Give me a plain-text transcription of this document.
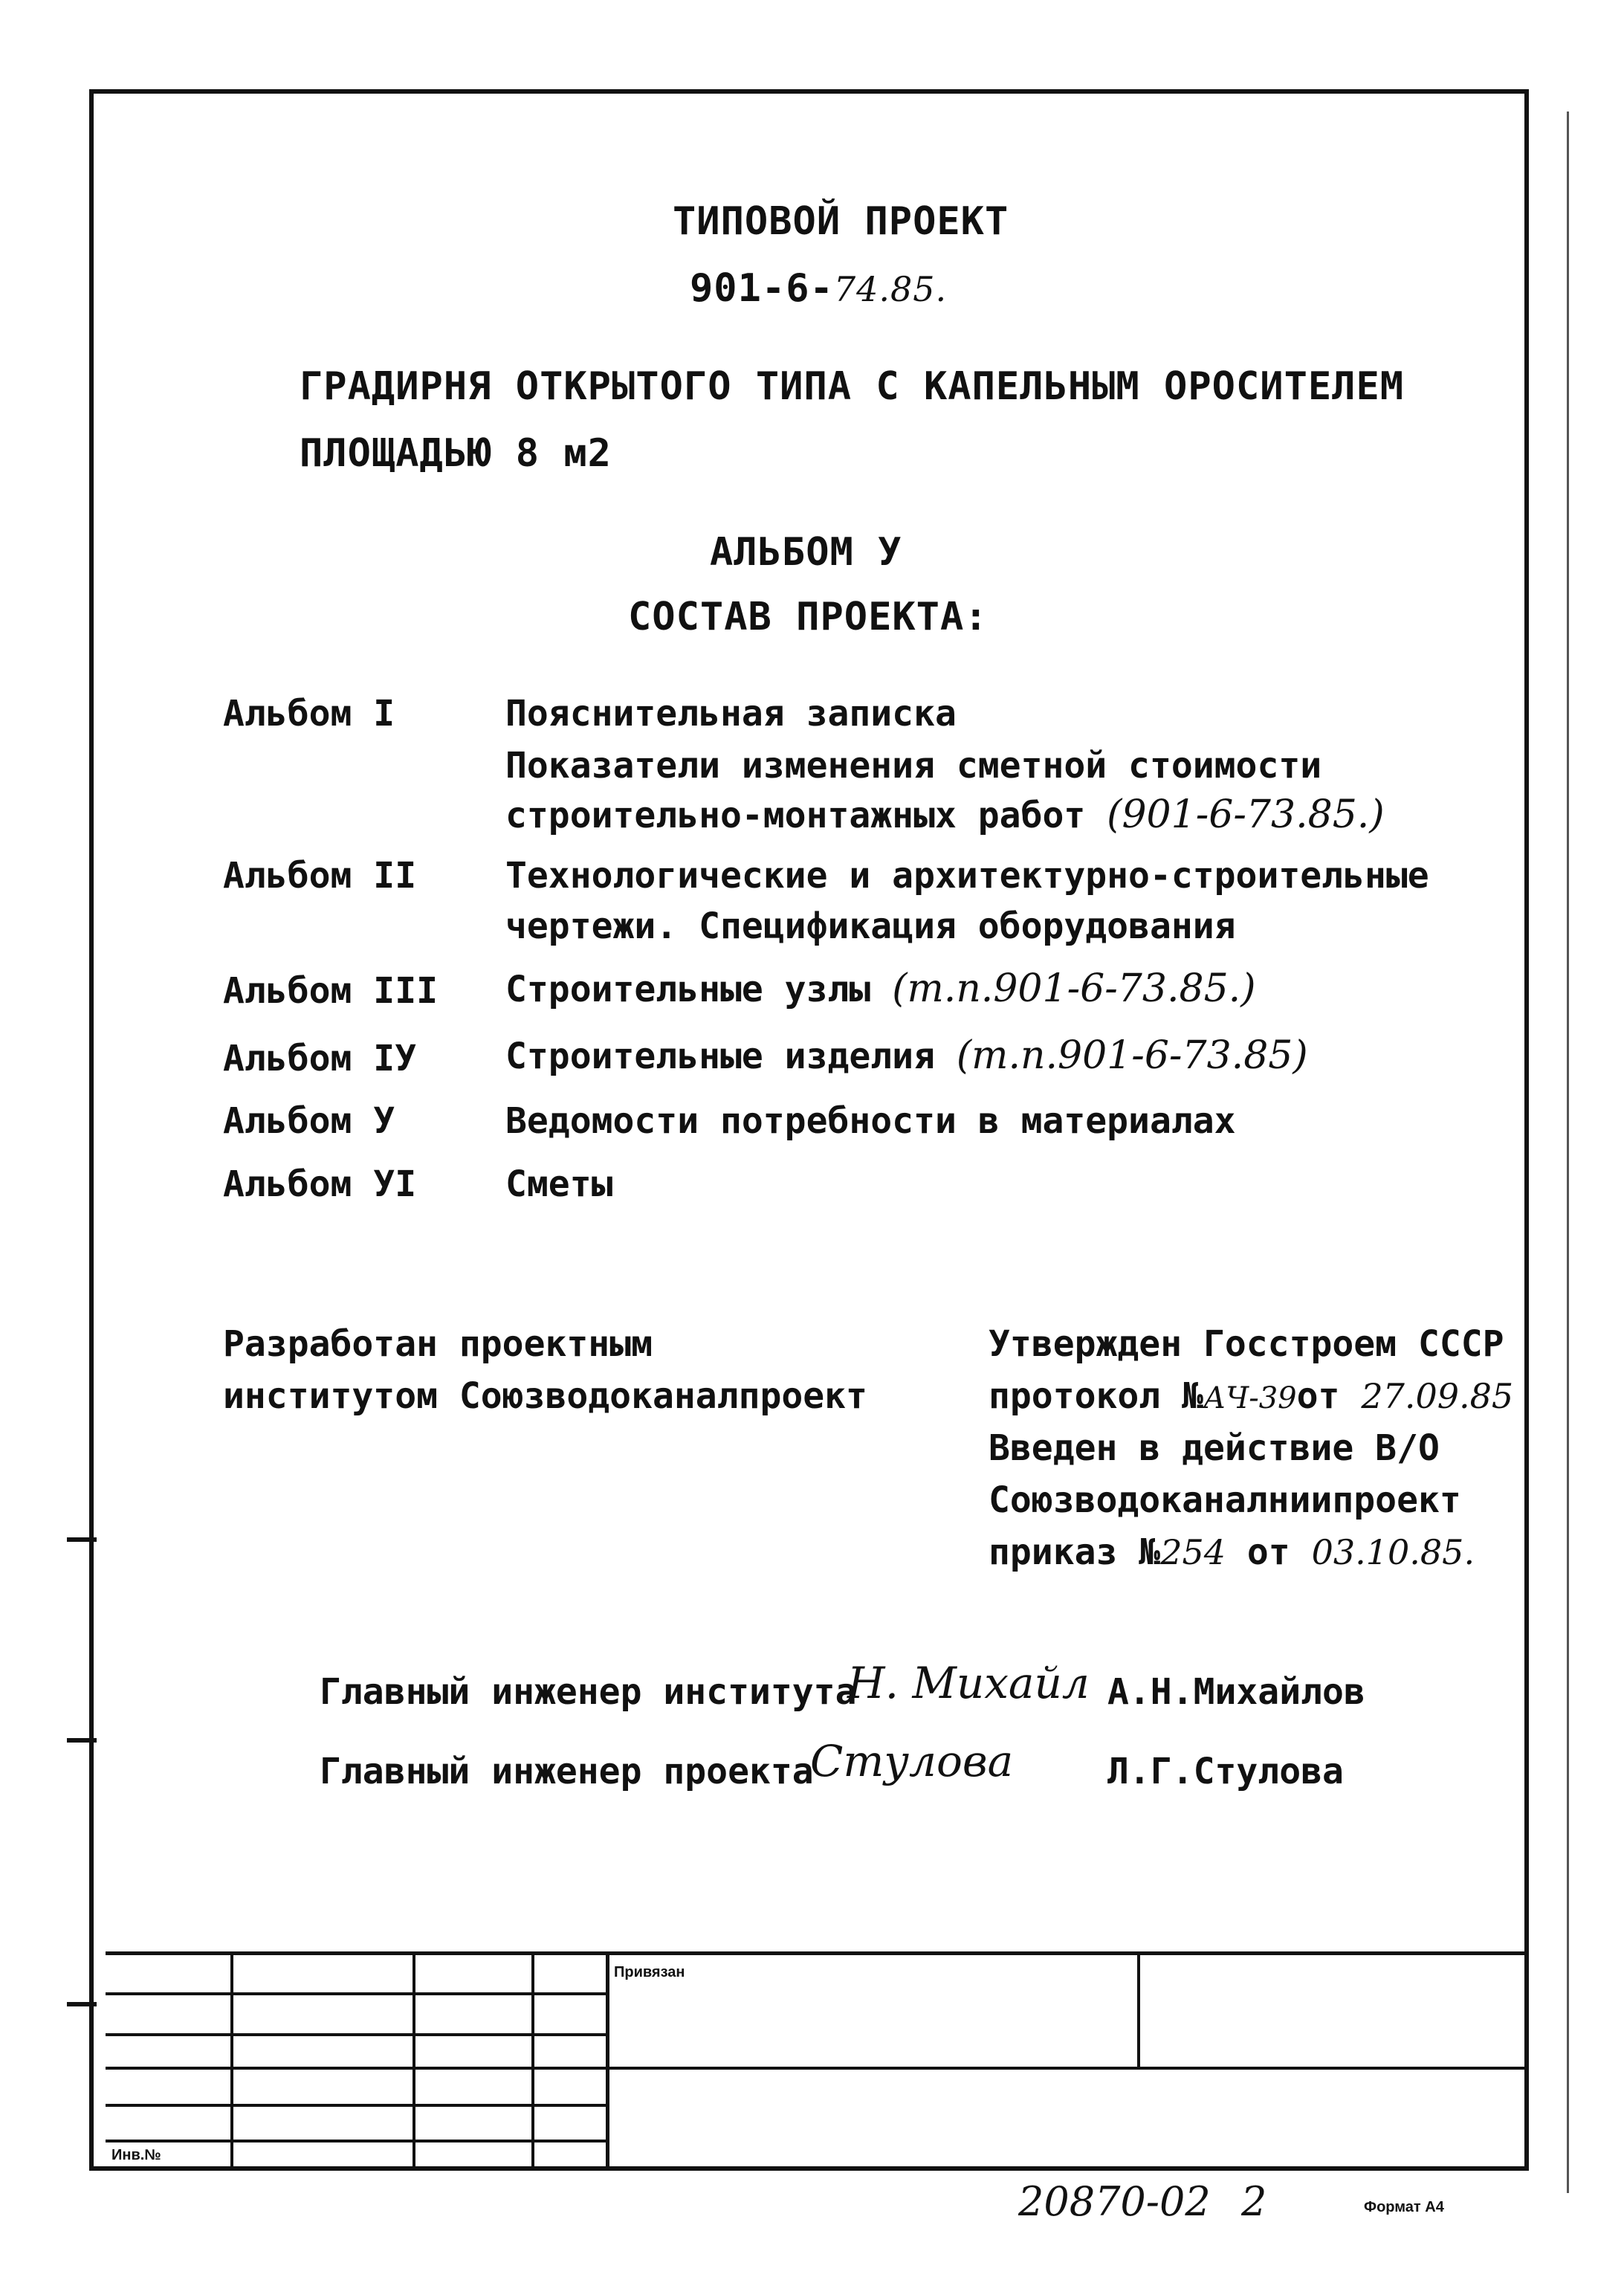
ТИПОВОЙ ПРОЕКТ
901-6-74.85.
ГРАДИРНЯ ОТКРЫТОГО ТИПА С КАПЕЛЬНЫМ ОРОСИТЕЛЕМ
ПЛОЩАДЬЮ 8 м2
АЛЬБОМ У
СОСТАВ ПРОЕКТА:
Альбом I	Пояснительная записка
Показатели изменения сметной стоимости
строительно-монтажных работ (901-6-73.85.)
Альбом II Технологические и архитектурно-строительные
чертежи. Спецификация оборудования
Альбом III Строительные узлы (т.п.901-6-73.85.)
Альбом IУ Строительные изделия (т.п.901-6-73.85)
Альбом У	Ведомости потребности в материалах
Альбом УI Сметы
Разработан проектным
институтом Союзводоканалпроект
Утвержден Госстроем СССР
протокол №АЧ-39от 27.09.85
Введен в действие В/О
Союзводоканалниипроект
приказ №254 от 03.10.85.
Главный инженер института
Н. Михайл А.Н.Михайлов
Главный инженер проекта
Стулова	Л.Г.Стулова
Привязан
Инв.№
20870-02 2	Формат А4
